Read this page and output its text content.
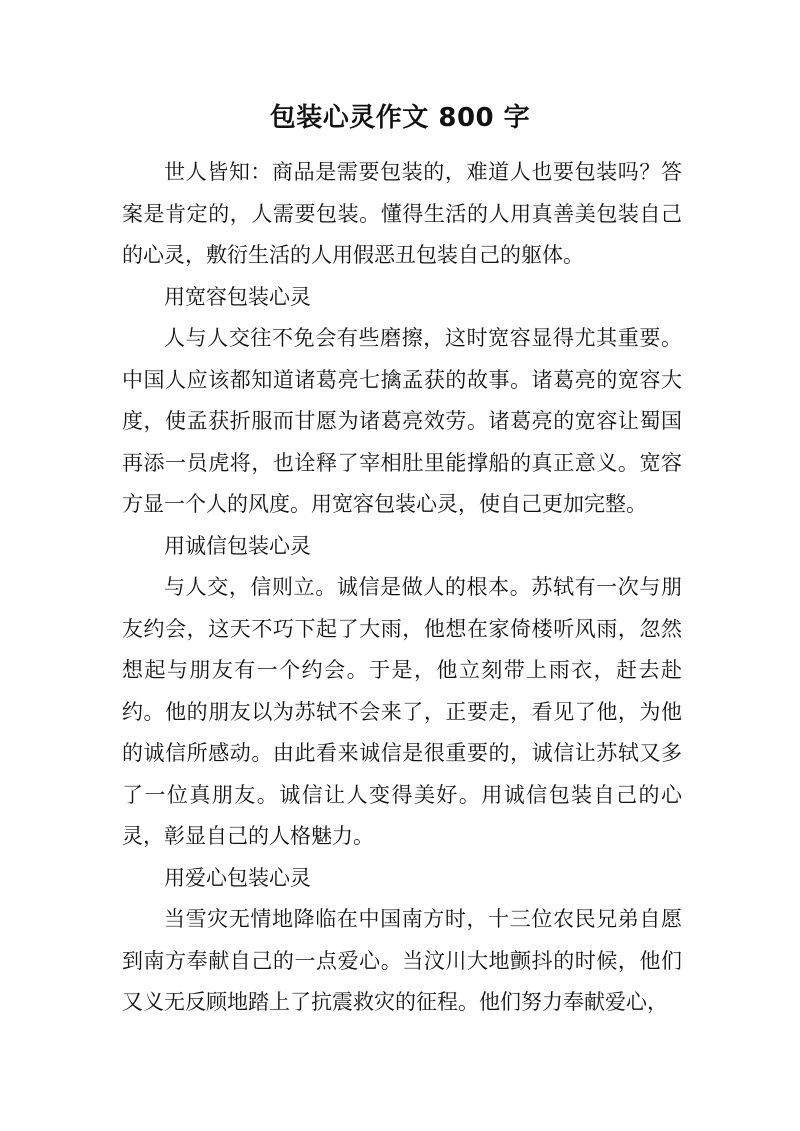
包装心灵作文 800 字

世人皆知：商品是需要包装的，难道人也要包装吗？答案是肯定的，人需要包装。懂得生活的人用真善美包装自己的心灵，敷衍生活的人用假恶丑包装自己的躯体。

用宽容包装心灵

人与人交往不免会有些磨擦，这时宽容显得尤其重要。中国人应该都知道诸葛亮七擒孟获的故事。诸葛亮的宽容大度，使孟获折服而甘愿为诸葛亮效劳。诸葛亮的宽容让蜀国再添一员虎将，也诠释了宰相肚里能撑船的真正意义。宽容方显一个人的风度。用宽容包装心灵，使自己更加完整。

用诚信包装心灵

与人交，信则立。诚信是做人的根本。苏轼有一次与朋友约会，这天不巧下起了大雨，他想在家倚楼听风雨，忽然想起与朋友有一个约会。于是，他立刻带上雨衣，赶去赴约。他的朋友以为苏轼不会来了，正要走，看见了他，为他的诚信所感动。由此看来诚信是很重要的，诚信让苏轼又多了一位真朋友。诚信让人变得美好。用诚信包装自己的心灵，彰显自己的人格魅力。

用爱心包装心灵

当雪灾无情地降临在中国南方时，十三位农民兄弟自愿到南方奉献自己的一点爱心。当汶川大地颤抖的时候，他们又义无反顾地踏上了抗震救灾的征程。他们努力奉献爱心，
